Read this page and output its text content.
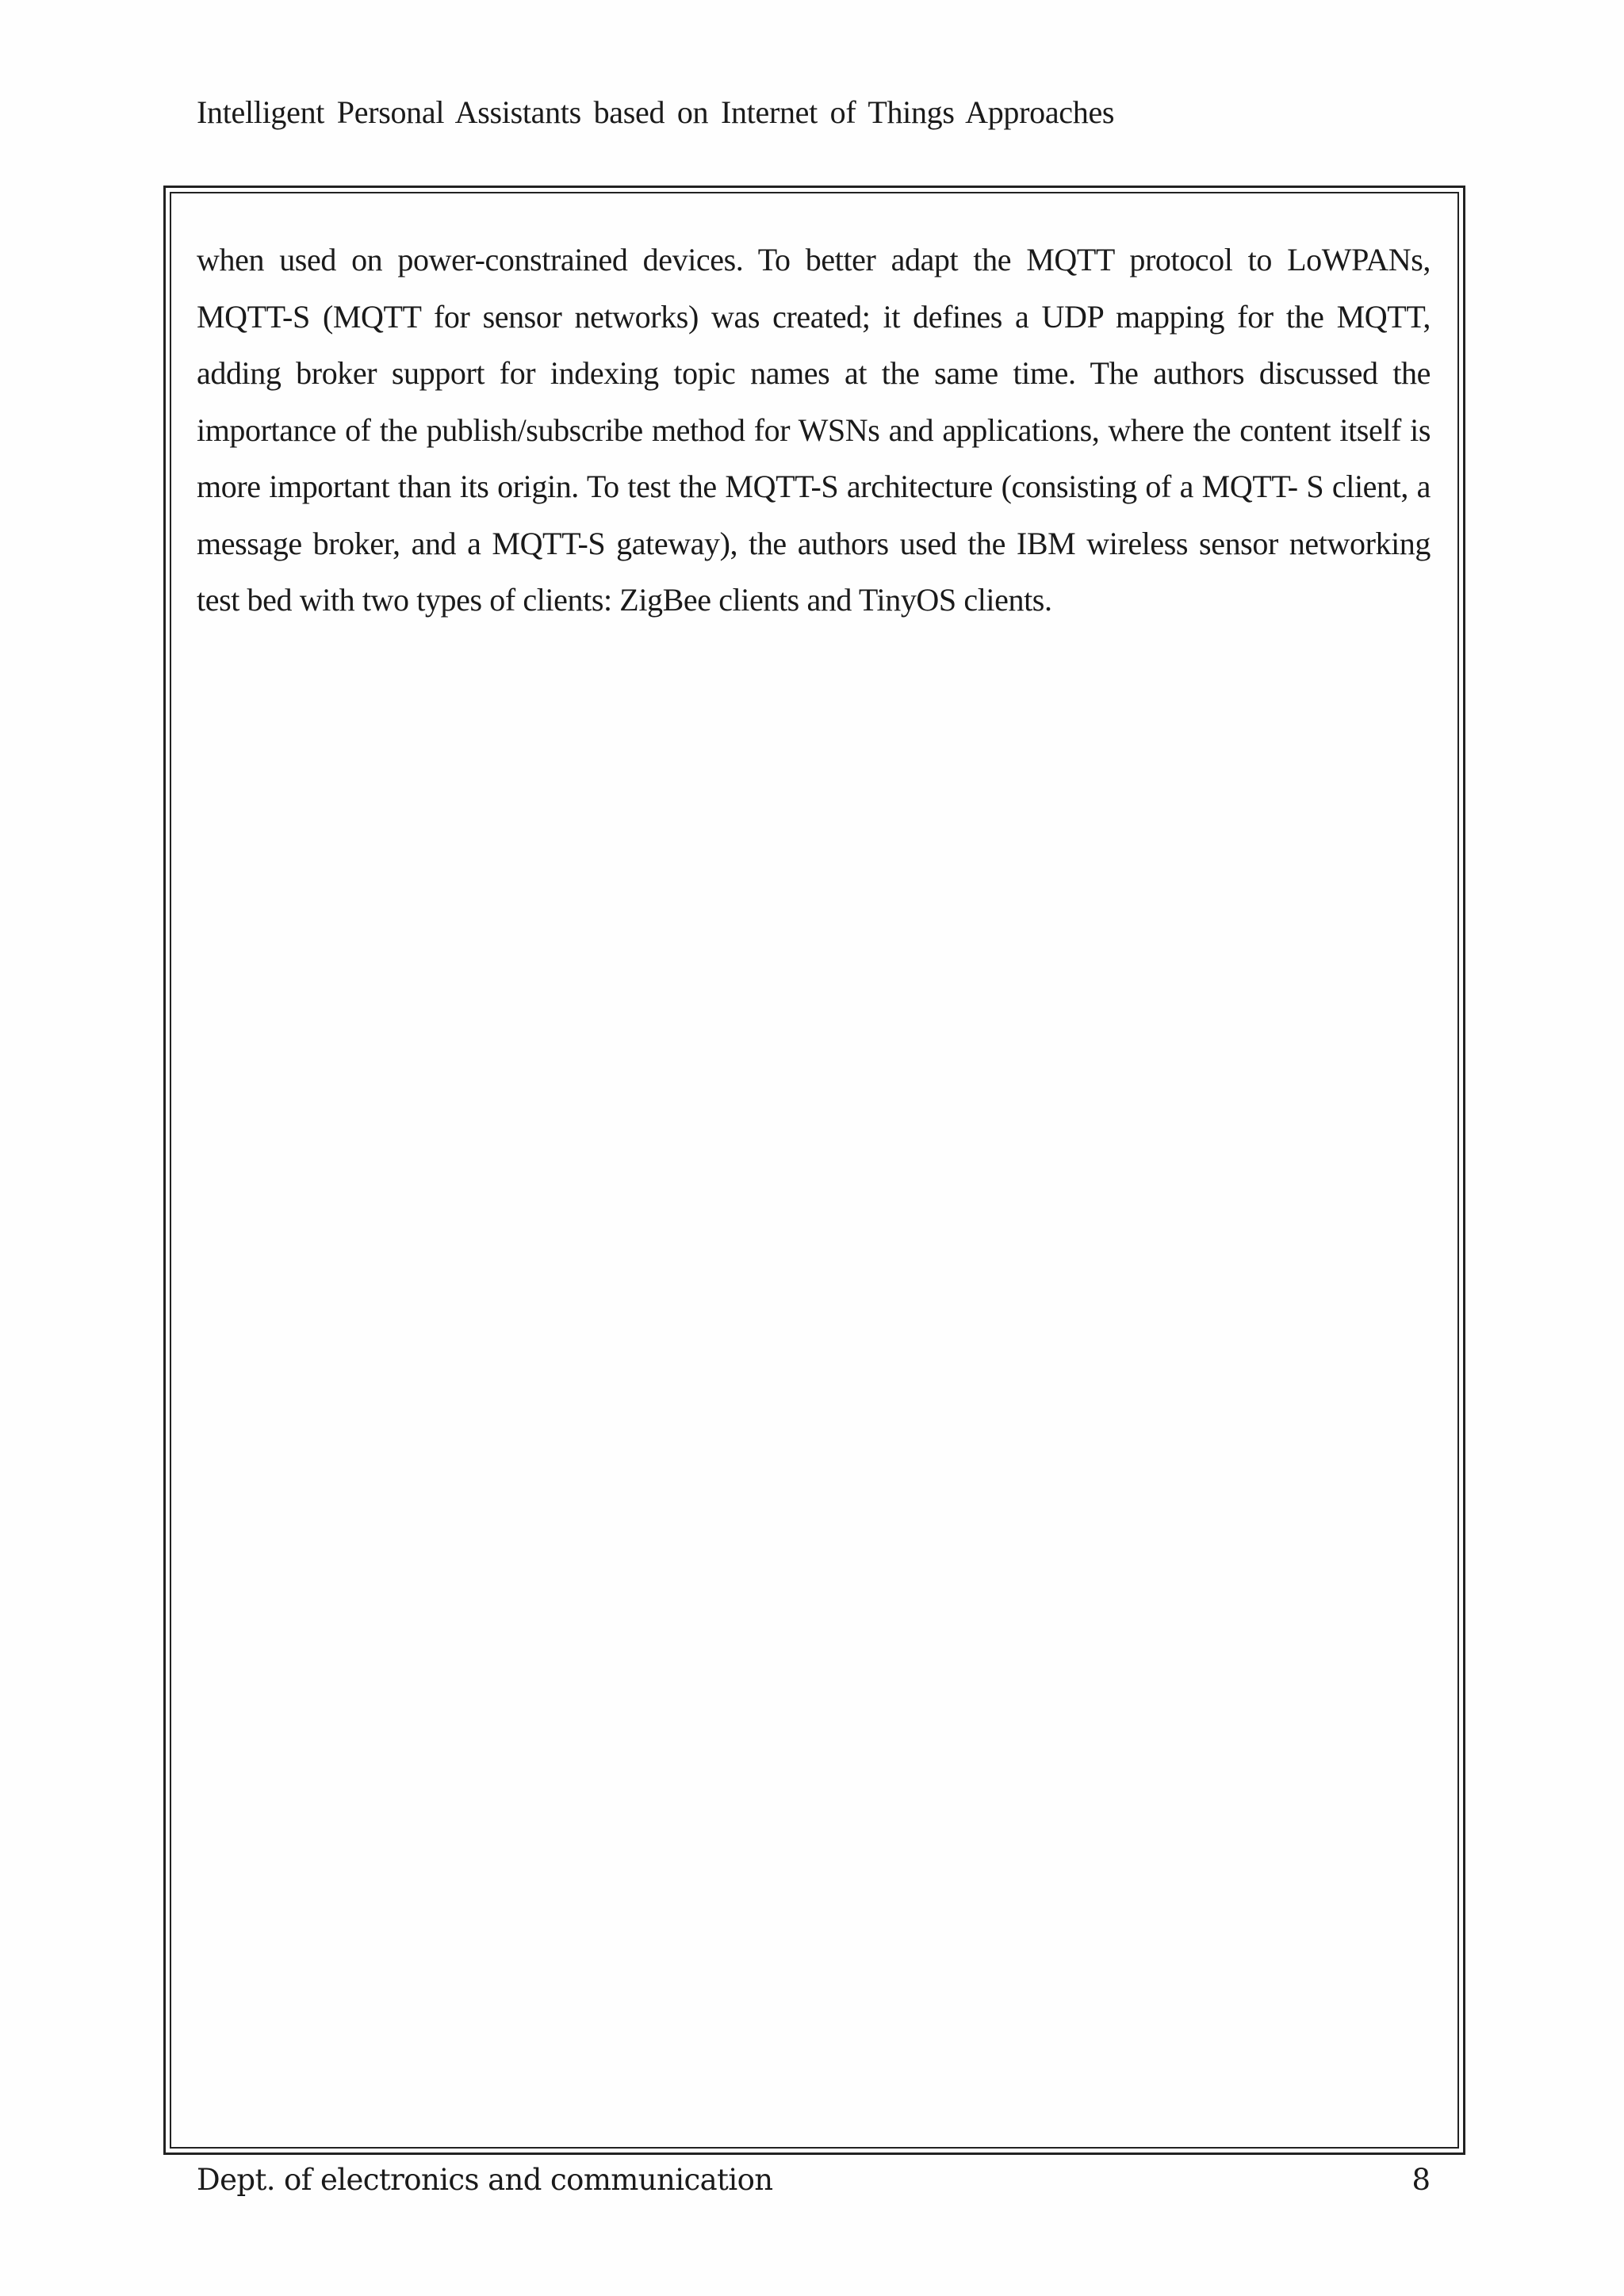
Intelligent Personal Assistants based on Internet of Things Approaches

when used on power-constrained devices. To better adapt the MQTT protocol to LoWPANs, MQTT-S (MQTT for sensor networks) was created; it defines a UDP mapping for the MQTT, adding broker support for indexing topic names at the same time. The authors discussed the importance of the publish/subscribe method for WSNs and applications, where the content itself is more important than its origin. To test the MQTT-S architecture (consisting of a MQTT- S client, a message broker, and a MQTT-S gateway), the authors used the IBM wireless sensor networking test bed with two types of clients: ZigBee clients and TinyOS clients.

Dept. of electronics and communication	8
